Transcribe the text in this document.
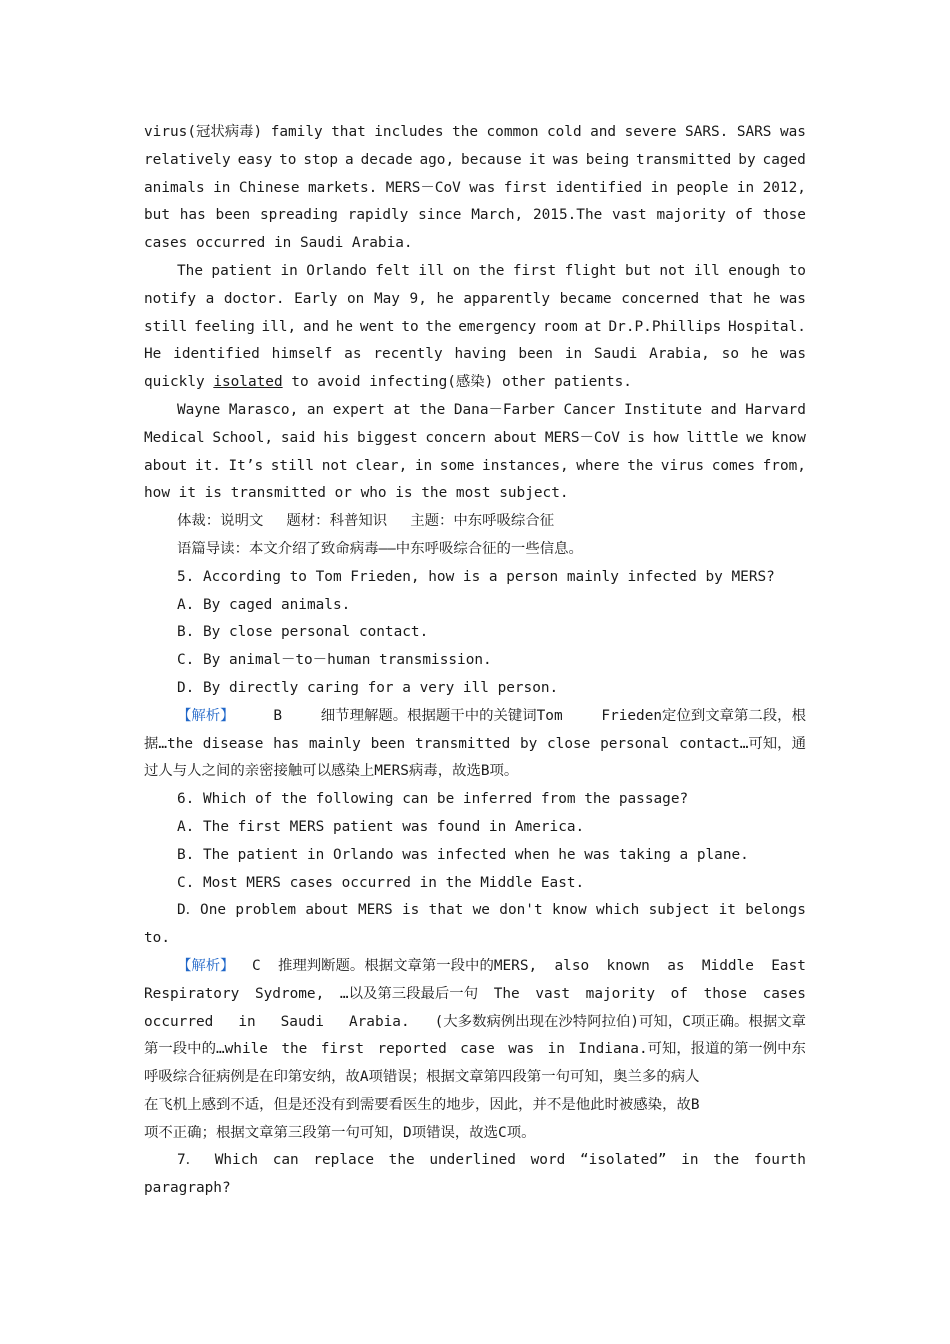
virus(冠状病毒) family that includes the common cold and severe SARS. SARS was
relatively easy to stop a decade ago, because it was being transmitted by caged
animals in Chinese markets. MERS－CoV was first identified in people in 2012,
but has been spreading rapidly since March, 2015.The vast majority of those
cases occurred in Saudi Arabia.
The patient in Orlando felt ill on the first flight but not ill enough to
notify a doctor. Early on May 9, he apparently became concerned that he was
still feeling ill, and he went to the emergency room at Dr.P.Phillips Hospital.
He identified himself as recently having been in Saudi Arabia, so he was
quickly isolated to avoid infecting(感染) other patients.
Wayne Marasco, an expert at the Dana－Farber Cancer Institute and Harvard
Medical School, said his biggest concern about MERS－CoV is how little we know
about it. It’s still not clear, in some instances, where the virus comes from,
how it is transmitted or who is the most subject.
体裁：说明文　 题材：科普知识　 主题：中东呼吸综合征
语篇导读：本文介绍了致命病毒——中东呼吸综合征的一些信息。
5. According to Tom Frieden, how is a person mainly infected by MERS?
A. By caged animals.
B. By close personal contact.
C. By animal－to－human transmission.
D. By directly caring for a very ill person.
【解析】	B	细节理解题。根据题干中的关键词Tom	Frieden定位到文章第二段，根
据…the disease has mainly been transmitted by close personal contact…可知，通
过人与人之间的亲密接触可以感染上MERS病毒，故选B项。
6. Which of the following can be inferred from the passage?
A. The first MERS patient was found in America.
B. The patient in Orlando was infected when he was taking a plane.
C. Most MERS cases occurred in the Middle East.
D．One problem about MERS is that we don't know which subject it belongs
to.
【解析】 C 推理判断题。根据文章第一段中的MERS, also known as Middle East
Respiratory Sydrome, …以及第三段最后一句 The vast majority of those cases
occurred in Saudi Arabia. (大多数病例出现在沙特阿拉伯)可知，C项正确。根据文章
第一段中的…while the first reported case was in Indiana.可知，报道的第一例中东
呼吸综合征病例是在印第安纳，故A项错误；根据文章第四段第一句可知，奥兰多的病人
在飞机上感到不适，但是还没有到需要看医生的地步，因此，并不是他此时被感染，故B
项不正确；根据文章第三段第一句可知，D项错误，故选C项。
7． Which can replace the underlined word “isolated” in the fourth
paragraph?
